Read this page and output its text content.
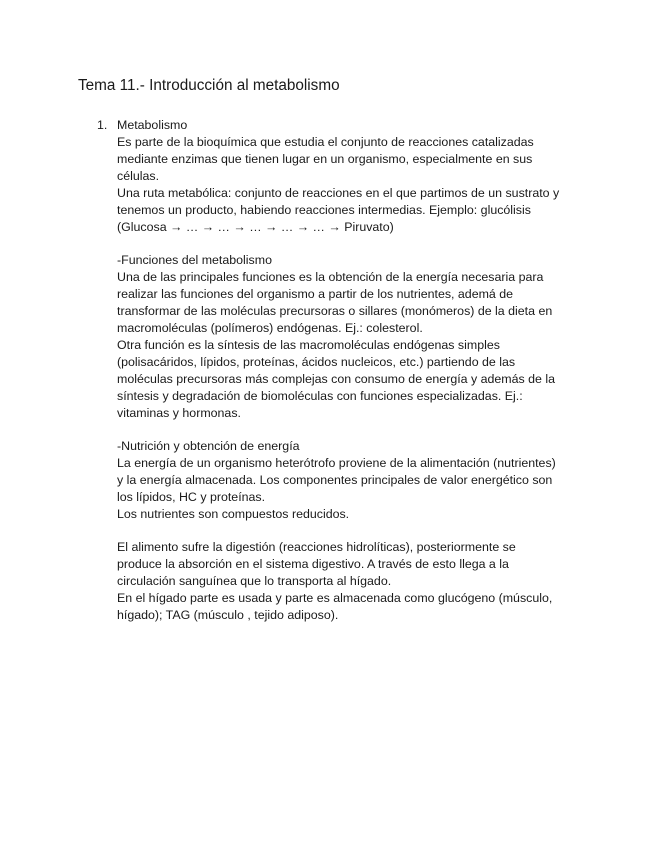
Tema 11.- Introducción al metabolismo
1. Metabolismo
Es parte de la bioquímica que estudia el conjunto de reacciones catalizadas
mediante enzimas que tienen lugar en un organismo, especialmente en sus
células.
Una ruta metabólica: conjunto de reacciones en el que partimos de un sustrato y
tenemos un producto, habiendo reacciones intermedias. Ejemplo: glucólisis
(Glucosa → … → … → … → … → … → Piruvato)
-Funciones del metabolismo
Una de las principales funciones es la obtención de la energía necesaria para
realizar las funciones del organismo a partir de los nutrientes, ademá de
transformar de las moléculas precursoras o sillares (monómeros) de la dieta en
macromoléculas (polímeros) endógenas. Ej.: colesterol.
Otra función es la síntesis de las macromoléculas endógenas simples
(polisacáridos, lípidos, proteínas, ácidos nucleicos, etc.) partiendo de las
moléculas precursoras más complejas con consumo de energía y además de la
síntesis y degradación de biomoléculas con funciones especializadas. Ej.:
vitaminas y hormonas.
-Nutrición y obtención de energía
La energía de un organismo heterótrofo proviene de la alimentación (nutrientes)
y la energía almacenada. Los componentes principales de valor energético son
los lípidos, HC y proteínas.
Los nutrientes son compuestos reducidos.
El alimento sufre la digestión (reacciones hidrolíticas), posteriormente se
produce la absorción en el sistema digestivo. A través de esto llega a la
circulación sanguínea que lo transporta al hígado.
En el hígado parte es usada y parte es almacenada como glucógeno (músculo,
hígado); TAG (músculo , tejido adiposo).
